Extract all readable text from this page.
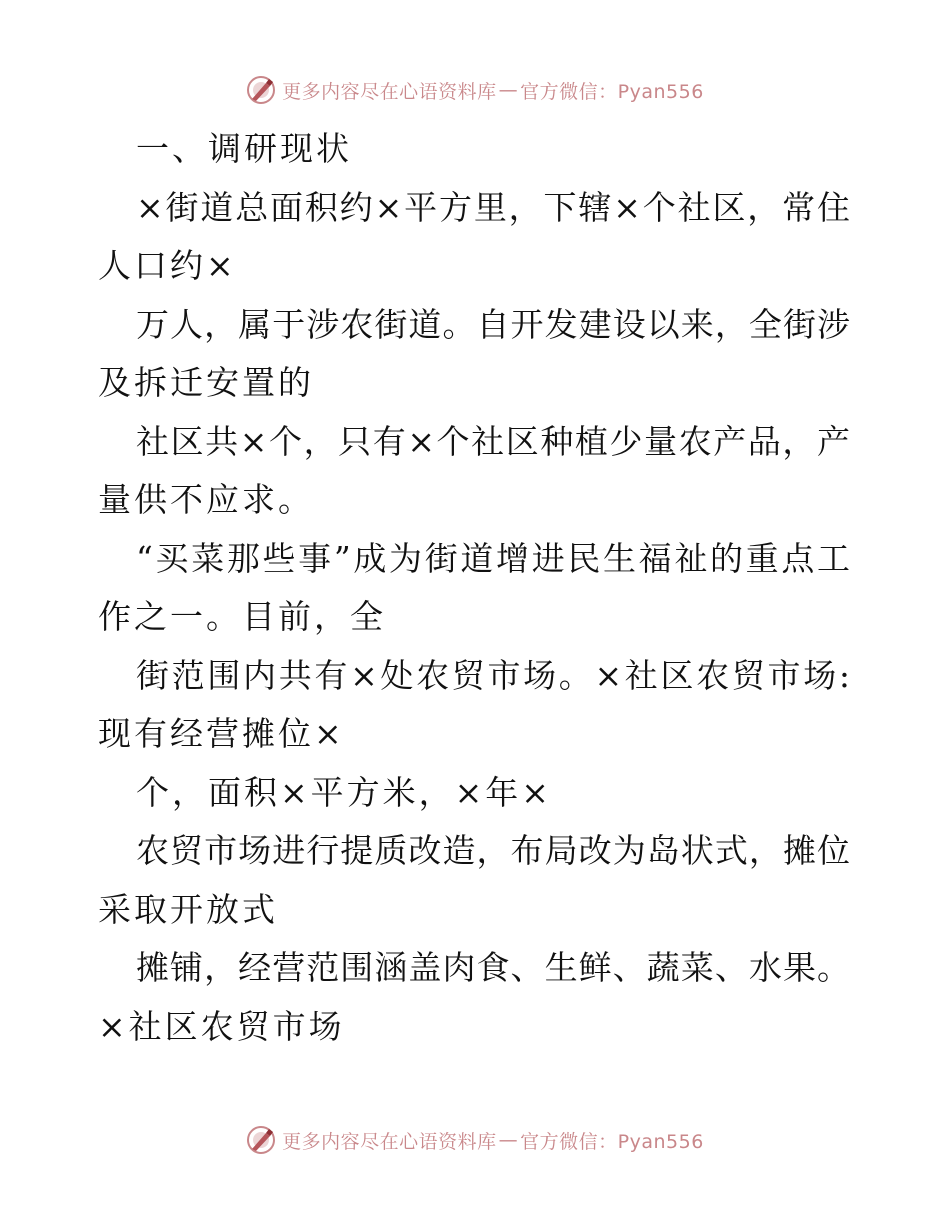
更多内容尽在心语资料库 — 官方微信：Pyan556
一、调研现状
×街道总面积约×平方里，下辖×个社区，常住
人口约×
万人，属于涉农街道。自开发建设以来，全街涉
及拆迁安置的
社区共×个，只有×个社区种植少量农产品，产
量供不应求。
“买菜那些事”成为街道增进民生福祉的重点工
作之一。目前，全
街范围内共有×处农贸市场。×社区农贸市场:
现有经营摊位×
个，面积×平方米，×年×
农贸市场进行提质改造，布局改为岛状式，摊位
采取开放式
摊铺，经营范围涵盖肉食、生鲜、蔬菜、水果。
×社区农贸市场
更多内容尽在心语资料库 — 官方微信：Pyan556
